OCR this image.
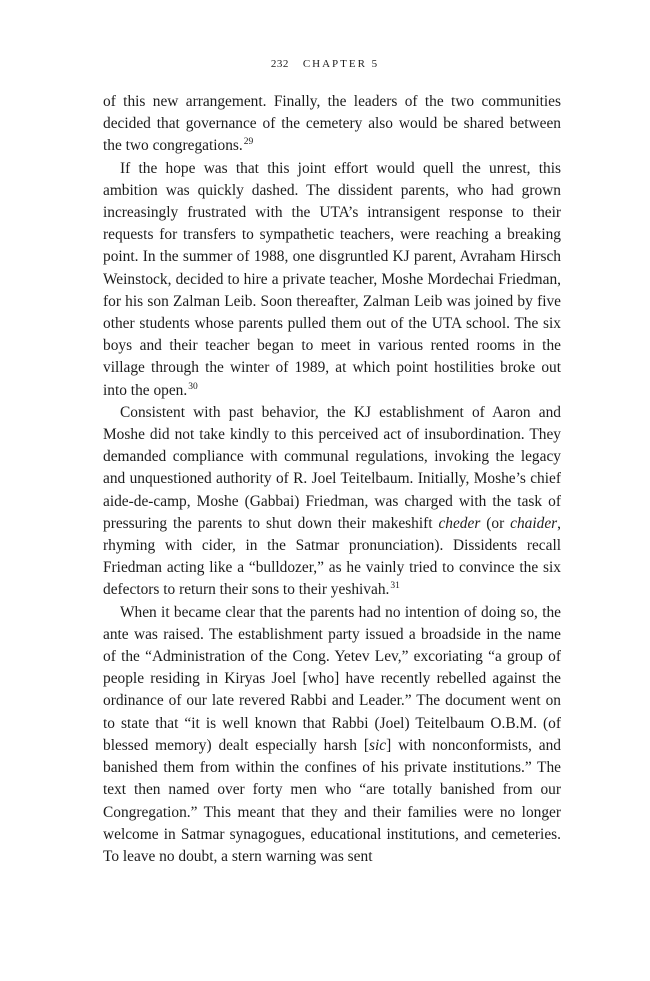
232 CHAPTER 5

of this new arrangement. Finally, the leaders of the two communities decided that governance of the cemetery also would be shared between the two congregations.$^{29}$

If the hope was that this joint effort would quell the unrest, this ambition was quickly dashed. The dissident parents, who had grown increasingly frustrated with the UTA’s intransigent response to their requests for transfers to sympathetic teachers, were reaching a breaking point. In the summer of 1988, one disgruntled KJ parent, Avraham Hirsch Weinstock, decided to hire a private teacher, Moshe Mordechai Friedman, for his son Zalman Leib. Soon thereafter, Zalman Leib was joined by five other students whose parents pulled them out of the UTA school. The six boys and their teacher began to meet in various rented rooms in the village through the winter of 1989, at which point hostilities broke out into the open.$^{30}$

Consistent with past behavior, the KJ establishment of Aaron and Moshe did not take kindly to this perceived act of insubordination. They demanded compliance with communal regulations, invoking the legacy and unquestioned authority of R. Joel Teitelbaum. Initially, Moshe’s chief aide-de-camp, Moshe (Gabbai) Friedman, was charged with the task of pressuring the parents to shut down their makeshift cheder (or chaider, rhyming with cider, in the Satmar pronunciation). Dissidents recall Friedman acting like a “bulldozer,” as he vainly tried to convince the six defectors to return their sons to their yeshivah.$^{31}$

When it became clear that the parents had no intention of doing so, the ante was raised. The establishment party issued a broadside in the name of the “Administration of the Cong. Yetev Lev,” excoriating “a group of people residing in Kiryas Joel [who] have recently rebelled against the ordinance of our late revered Rabbi and Leader.” The document went on to state that “it is well known that Rabbi (Joel) Teitelbaum O.B.M. (of blessed memory) dealt especially harsh [sic] with nonconformists, and banished them from within the confines of his private institutions.” The text then named over forty men who “are totally banished from our Congregation.” This meant that they and their families were no longer welcome in Satmar synagogues, educational institutions, and cemeteries. To leave no doubt, a stern warning was sent
